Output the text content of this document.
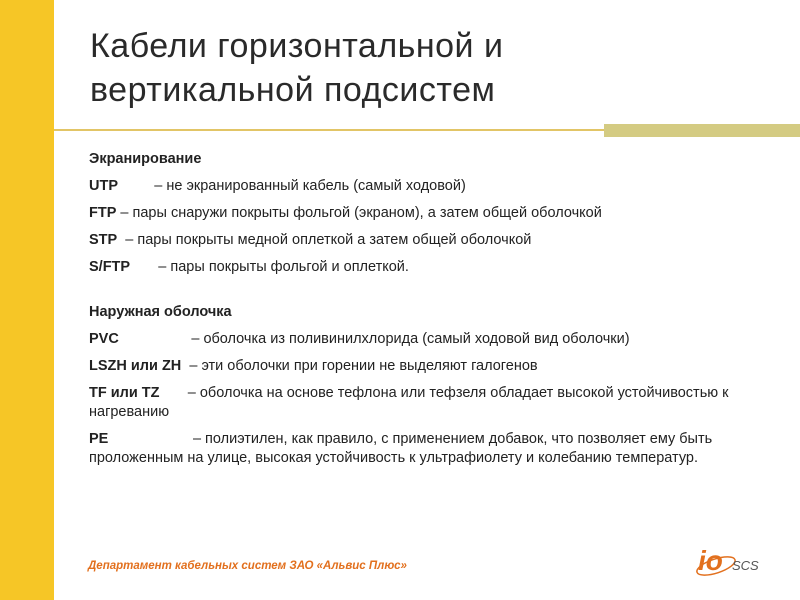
Кабели горизонтальной и
вертикальной подсистем

Экранирование

UTP         – не экранированный кабель (самый ходовой)

FTP – пары снаружи покрыты фольгой (экраном), а затем общей оболочкой

STP  – пары покрыты медной оплеткой а затем общей оболочкой

S/FTP       – пары покрыты фольгой и оплеткой.

Наружная оболочка

PVC                  – оболочка из поливинилхлорида (самый ходовой вид оболочки)

LSZH или ZH  – эти оболочки при горении не выделяют галогенов

TF или TZ       – оболочка на основе тефлона или тефзеля обладает высокой устойчивостью к нагреванию

PE                     – полиэтилен, как правило, с применением добавок, что позволяет ему быть проложенным на улице, высокая устойчивость к ультрафиолету и колебанию температур.

Департамент кабельных систем ЗАО «Альвис Плюс»	io SCS
